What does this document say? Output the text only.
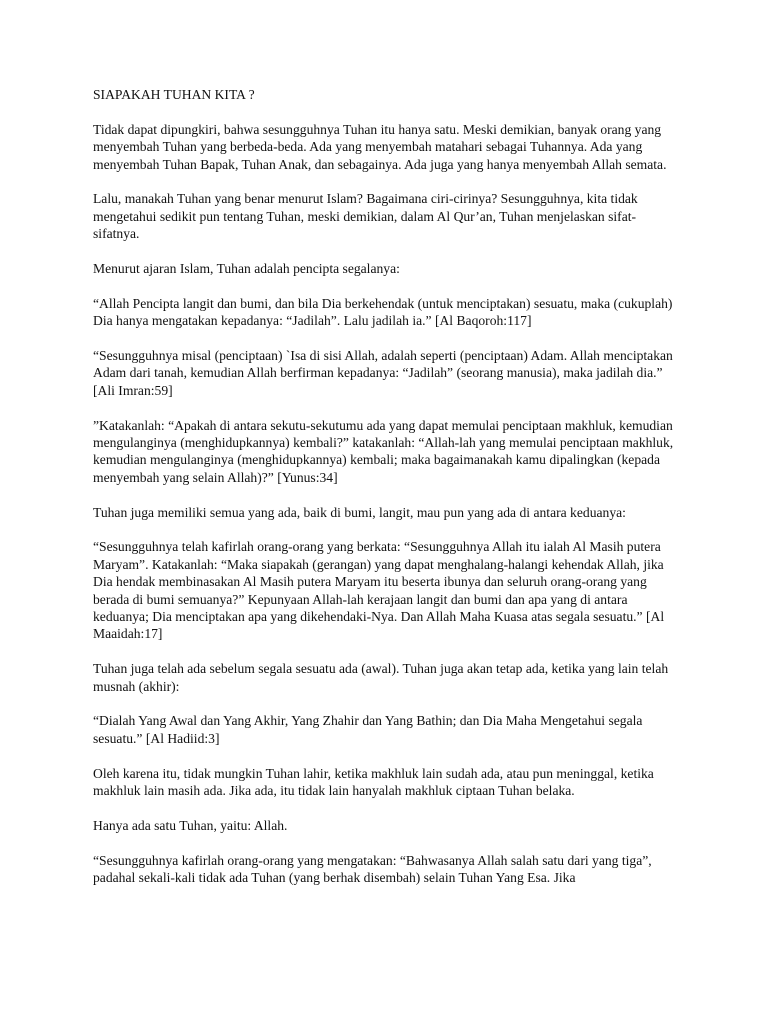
SIAPAKAH TUHAN KITA ?

Tidak dapat dipungkiri, bahwa sesungguhnya Tuhan itu hanya satu. Meski demikian, banyak orang yang menyembah Tuhan yang berbeda-beda. Ada yang menyembah matahari sebagai Tuhannya. Ada yang menyembah Tuhan Bapak, Tuhan Anak, dan sebagainya. Ada juga yang hanya menyembah Allah semata.

Lalu, manakah Tuhan yang benar menurut Islam? Bagaimana ciri-cirinya? Sesungguhnya, kita tidak mengetahui sedikit pun tentang Tuhan, meski demikian, dalam Al Qur’an, Tuhan menjelaskan sifat-sifatnya.

Menurut ajaran Islam, Tuhan adalah pencipta segalanya:

“Allah Pencipta langit dan bumi, dan bila Dia berkehendak (untuk menciptakan) sesuatu, maka (cukuplah) Dia hanya mengatakan kepadanya: “Jadilah”. Lalu jadilah ia.” [Al Baqoroh:117]

“Sesungguhnya misal (penciptaan) `Isa di sisi Allah, adalah seperti (penciptaan) Adam. Allah menciptakan Adam dari tanah, kemudian Allah berfirman kepadanya: “Jadilah” (seorang manusia), maka jadilah dia.” [Ali Imran:59]

”Katakanlah: “Apakah di antara sekutu-sekutumu ada yang dapat memulai penciptaan makhluk, kemudian mengulanginya (menghidupkannya) kembali?” katakanlah: “Allah-lah yang memulai penciptaan makhluk, kemudian mengulanginya (menghidupkannya) kembali; maka bagaimanakah kamu dipalingkan (kepada menyembah yang selain Allah)?” [Yunus:34]

Tuhan juga memiliki semua yang ada, baik di bumi, langit, mau pun yang ada di antara keduanya:

“Sesungguhnya telah kafirlah orang-orang yang berkata: “Sesungguhnya Allah itu ialah Al Masih putera Maryam”. Katakanlah: “Maka siapakah (gerangan) yang dapat menghalang-halangi kehendak Allah, jika Dia hendak membinasakan Al Masih putera Maryam itu beserta ibunya dan seluruh orang-orang yang berada di bumi semuanya?” Kepunyaan Allah-lah kerajaan langit dan bumi dan apa yang di antara keduanya; Dia menciptakan apa yang dikehendaki-Nya. Dan Allah Maha Kuasa atas segala sesuatu.” [Al Maaidah:17]

Tuhan juga telah ada sebelum segala sesuatu ada (awal). Tuhan juga akan tetap ada, ketika yang lain telah musnah (akhir):

“Dialah Yang Awal dan Yang Akhir, Yang Zhahir dan Yang Bathin; dan Dia Maha Mengetahui segala sesuatu.” [Al Hadiid:3]

Oleh karena itu, tidak mungkin Tuhan lahir, ketika makhluk lain sudah ada, atau pun meninggal, ketika makhluk lain masih ada. Jika ada, itu tidak lain hanyalah makhluk ciptaan Tuhan belaka.

Hanya ada satu Tuhan, yaitu: Allah.

“Sesungguhnya kafirlah orang-orang yang mengatakan: “Bahwasanya Allah salah satu dari yang tiga”, padahal sekali-kali tidak ada Tuhan (yang berhak disembah) selain Tuhan Yang Esa. Jika
